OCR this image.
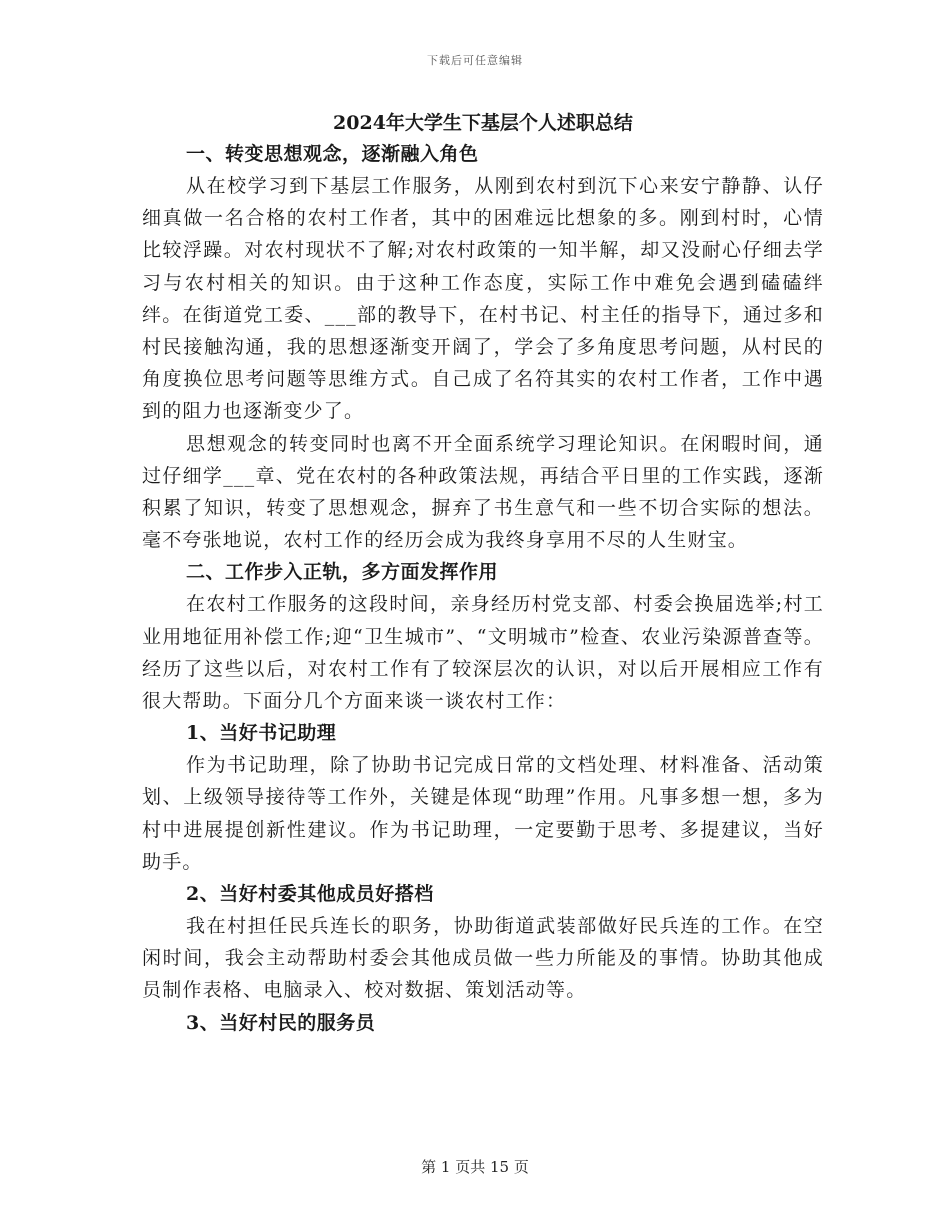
下载后可任意编辑
2024年大学生下基层个人述职总结
一、转变思想观念，逐渐融入角色

从在校学习到下基层工作服务，从刚到农村到沉下心来安宁静静、认仔细真做一名合格的农村工作者，其中的困难远比想象的多。刚到村时，心情比较浮躁。对农村现状不了解;对农村政策的一知半解，却又没耐心仔细去学习与农村相关的知识。由于这种工作态度，实际工作中难免会遇到磕磕绊绊。在街道党工委、___部的教导下，在村书记、村主任的指导下，通过多和村民接触沟通，我的思想逐渐变开阔了，学会了多角度思考问题，从村民的角度换位思考问题等思维方式。自己成了名符其实的农村工作者，工作中遇到的阻力也逐渐变少了。

思想观念的转变同时也离不开全面系统学习理论知识。在闲暇时间，通过仔细学___章、党在农村的各种政策法规，再结合平日里的工作实践，逐渐积累了知识，转变了思想观念，摒弃了书生意气和一些不切合实际的想法。毫不夸张地说，农村工作的经历会成为我终身享用不尽的人生财宝。

二、工作步入正轨，多方面发挥作用

在农村工作服务的这段时间，亲身经历村党支部、村委会换届选举;村工业用地征用补偿工作;迎“卫生城市”、“文明城市”检查、农业污染源普查等。经历了这些以后，对农村工作有了较深层次的认识，对以后开展相应工作有很大帮助。下面分几个方面来谈一谈农村工作：

1、当好书记助理

作为书记助理，除了协助书记完成日常的文档处理、材料准备、活动策划、上级领导接待等工作外，关键是体现“助理”作用。凡事多想一想，多为村中进展提创新性建议。作为书记助理，一定要勤于思考、多提建议，当好助手。

2、当好村委其他成员好搭档

我在村担任民兵连长的职务，协助街道武装部做好民兵连的工作。在空闲时间，我会主动帮助村委会其他成员做一些力所能及的事情。协助其他成员制作表格、电脑录入、校对数据、策划活动等。

3、当好村民的服务员
第 1 页共 15 页
